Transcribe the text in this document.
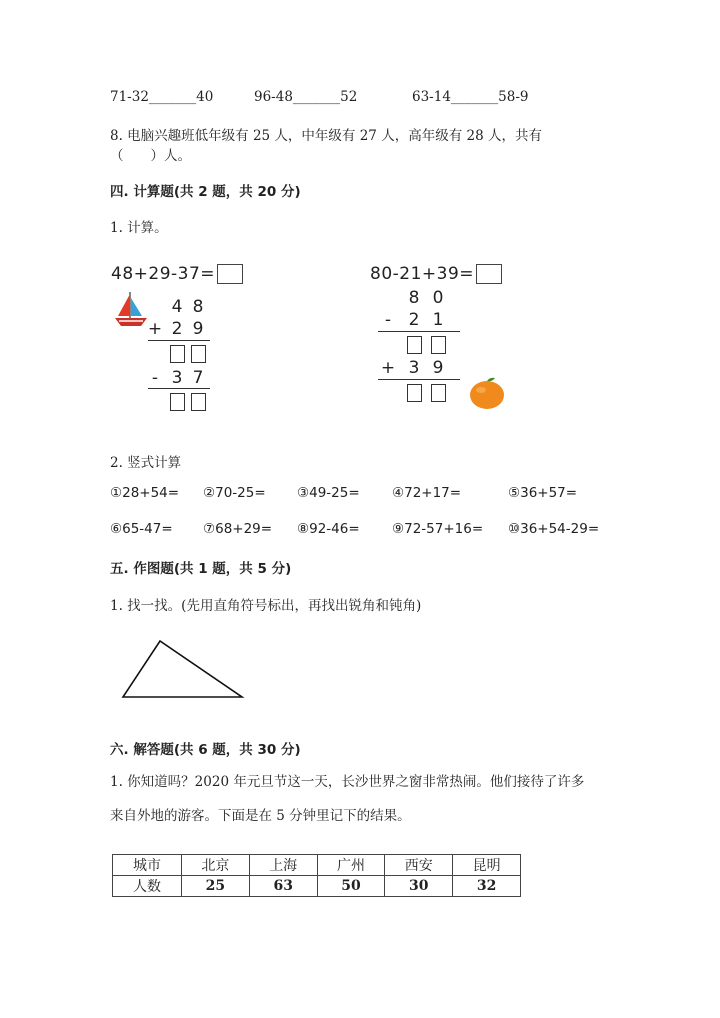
71-32_______40	96-48_______52	63-14_______58-9
8. 电脑兴趣班低年级有 25 人，中年级有 27 人，高年级有 28 人，共有
（　　）人。
四. 计算题(共 2 题，共 20 分)
1. 计算。
48+29-37=
4 8
+ 2 9
- 3 7
80-21+39=
8 0
-	2 1
+ 3 9
2. 竖式计算
①28+54= ②70-25= ③49-25= ④72+17=	⑤36+57=
⑥65-47= ⑦68+29= ⑧92-46= ⑨72-57+16= ⑩36+54-29=
五. 作图题(共 1 题，共 5 分)
1. 找一找。(先用直角符号标出，再找出锐角和钝角)
六. 解答题(共 6 题，共 30 分)
1. 你知道吗？2020 年元旦节这一天，长沙世界之窗非常热闹。他们接待了许多
来自外地的游客。下面是在 5 分钟里记下的结果。
城市	北京	上海	广州	西安	昆明
人数	25	63	50	30	32
